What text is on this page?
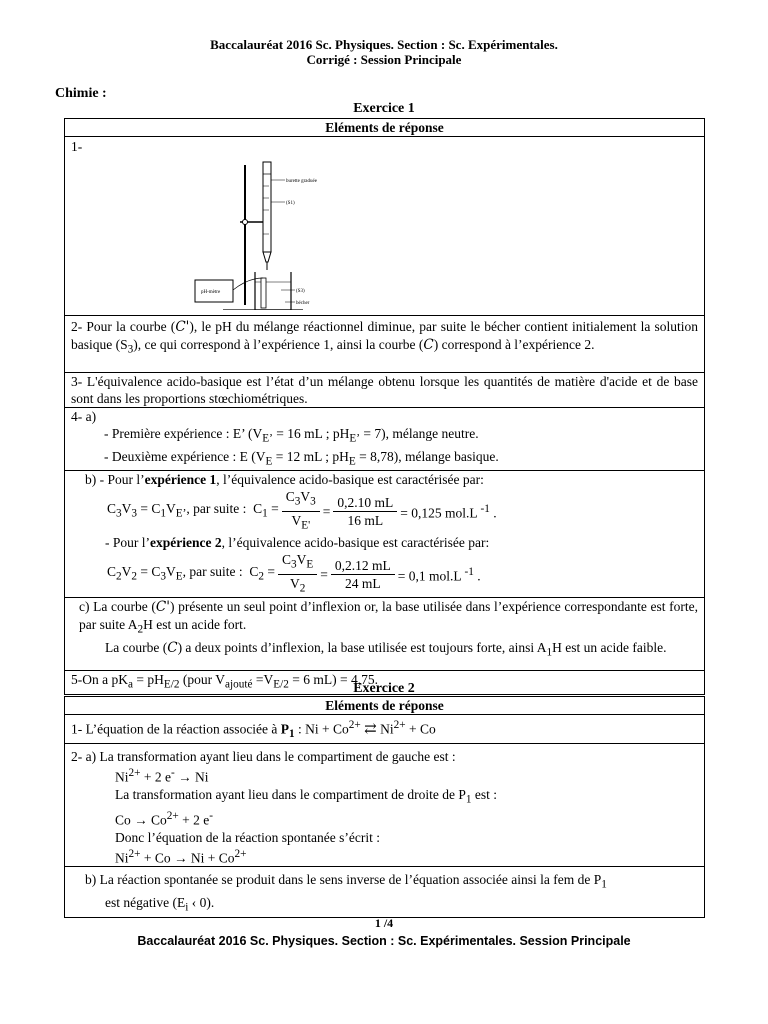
Baccalauréat 2016 Sc. Physiques. Section : Sc. Expérimentales.
Corrigé : Session Principale
Chimie :
Exercice 1
Eléments de réponse

1-
burette graduée
(S1)
(S3)
bécher
pH-mètre

2- Pour la courbe (C'), le pH du mélange réactionnel diminue, par suite le bécher contient initialement la solution basique $(S_3)$, ce qui correspond à l’expérience 1, ainsi la courbe (C) correspond à l’expérience 2.
3- L'équivalence acido-basique est l’état d’un mélange obtenu lorsque les quantités de matière d'acide et de base sont dans les proportions stœchiométriques.

4- a)
- Première expérience : E’ ($V_{E’} = 16$ mL ; $pH_{E’} = 7$), mélange neutre.
- Deuxième expérience : E ($V_E = 12$ mL ; $pH_E = 8,78$), mélange basique.

b) - Pour l’expérience 1, l’équivalence acido-basique est caractérisée par:
$C_3V_3 = C_1V_{E’}$, par suite :  $C_1 = \frac{C_3V_3}{V_{E'}} = \frac{0,2.10 mL}{16 mL} = 0,125$ mol.L $^{-1}$ .
- Pour l’expérience 2, l’équivalence acido-basique est caractérisée par:
$C_2V_2 = C_3V_E$, par suite :  $C_2 = \frac{C_3V_E}{V_2} = \frac{0,2.12 mL}{24 mL} = 0,1$ mol.L $^{-1}$ .

c) La courbe (C') présente un seul point d’inflexion or, la base utilisée dans l’expérience correspondante est forte, par suite $A_2H$ est un acide fort.
La courbe (C) a deux points d’inflexion, la base utilisée est toujours forte, ainsi $A_1H$ est un acide faible.

5-On a $pK_a = pH_{E/2}$ (pour $V_{ajouté} =V_{E/2} = 6$ mL) = 4,75.
Exercice 2
Eléments de réponse
1- L’équation de la réaction associée à $P_1$ : $Ni + Co^{2+}$ ⇄ $Ni^{2+} + Co$

2- a) La transformation ayant lieu dans le compartiment de gauche est :
$Ni^{2+} + 2$ e- → Ni
La transformation ayant lieu dans le compartiment de droite de $P_1$ est :
$Co \to Co^{2+} + 2$ e-
Donc l’équation de la réaction spontanée s’écrit :
$Ni^{2+} + Co \to Ni + Co^{2+}$

b) La réaction spontanée se produit dans le sens inverse de l’équation associée ainsi la fem de $P_1$
est négative ($E_i$ ‹ 0).
1 /4
Baccalauréat 2016 Sc. Physiques. Section : Sc. Expérimentales. Session Principale
